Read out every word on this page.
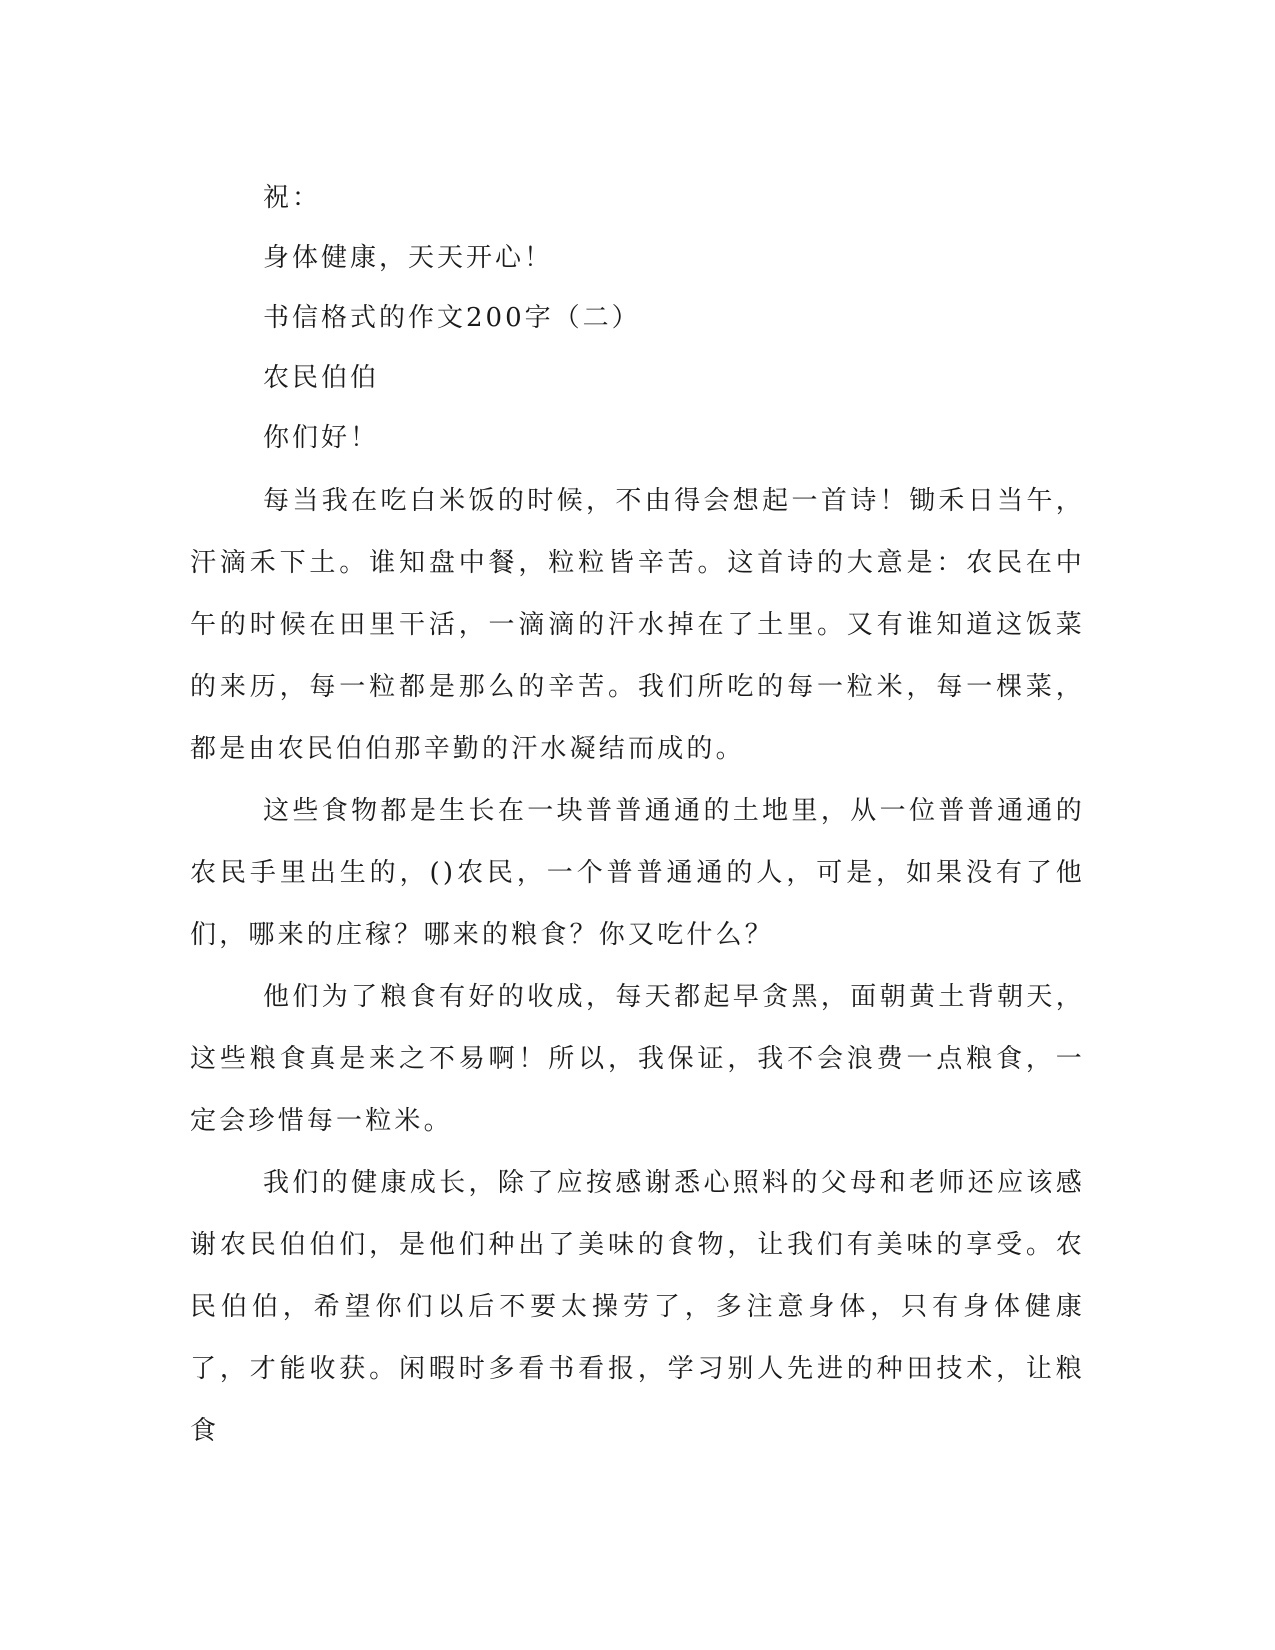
祝：
身体健康，天天开心！
书信格式的作文200字（二）
农民伯伯
你们好！

每当我在吃白米饭的时候，不由得会想起一首诗！锄禾日当午，汗滴禾下土。谁知盘中餐，粒粒皆辛苦。这首诗的大意是：农民在中午的时候在田里干活，一滴滴的汗水掉在了土里。又有谁知道这饭菜的来历，每一粒都是那么的辛苦。我们所吃的每一粒米，每一棵菜，都是由农民伯伯那辛勤的汗水凝结而成的。

这些食物都是生长在一块普普通通的土地里，从一位普普通通的农民手里出生的，()农民，一个普普通通的人，可是，如果没有了他们，哪来的庄稼？哪来的粮食？你又吃什么？

他们为了粮食有好的收成，每天都起早贪黑，面朝黄土背朝天，这些粮食真是来之不易啊！所以，我保证，我不会浪费一点粮食，一定会珍惜每一粒米。

我们的健康成长，除了应按感谢悉心照料的父母和老师还应该感谢农民伯伯们，是他们种出了美味的食物，让我们有美味的享受。农民伯伯，希望你们以后不要太操劳了，多注意身体，只有身体健康了，才能收获。闲暇时多看书看报，学习别人先进的种田技术，让粮食
